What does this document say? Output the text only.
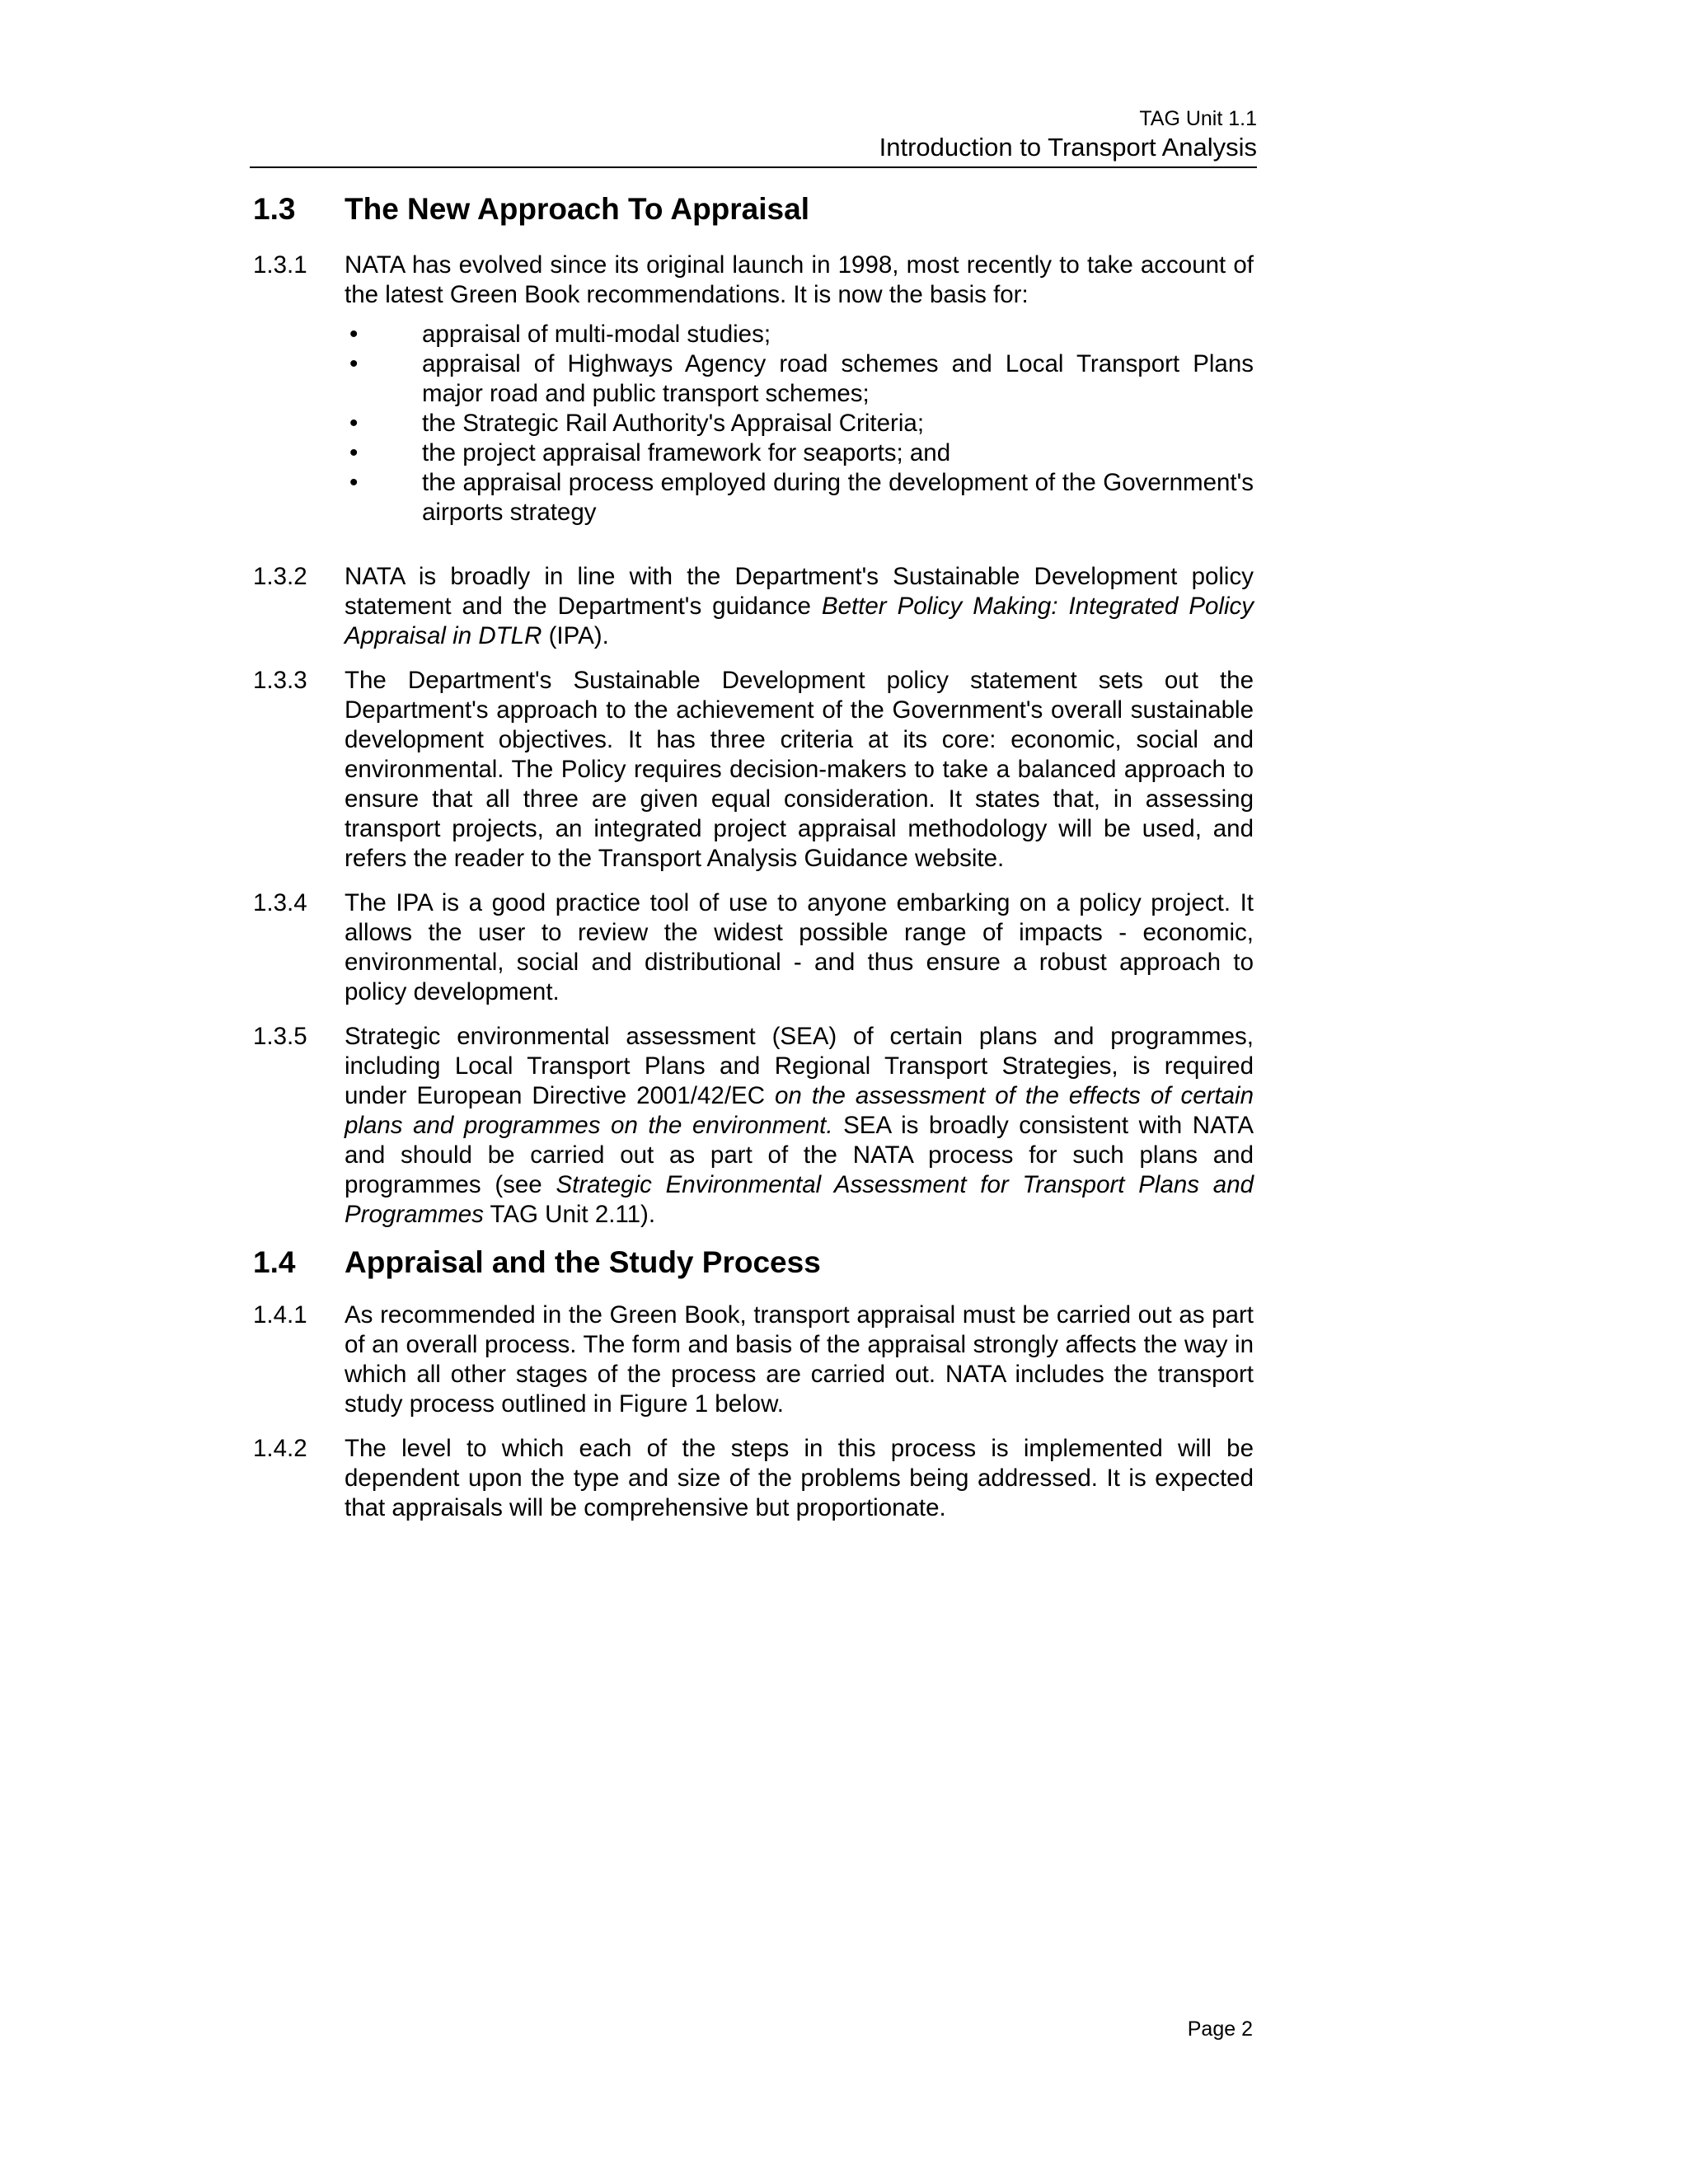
TAG Unit 1.1
Introduction to Transport Analysis
1.3	The New Approach To Appraisal
1.3.1	NATA has evolved since its original launch in 1998, most recently to take account of the latest Green Book recommendations. It is now the basis for:
•	appraisal of multi-modal studies;
•	appraisal of Highways Agency road schemes and Local Transport Plans major road and public transport schemes;
•	the Strategic Rail Authority's Appraisal Criteria;
•	the project appraisal framework for seaports; and
•	the appraisal process employed during the development of the Government's airports strategy
1.3.2	NATA is broadly in line with the Department's Sustainable Development policy statement and the Department's guidance Better Policy Making: Integrated Policy Appraisal in DTLR (IPA).
1.3.3	The Department's Sustainable Development policy statement sets out the Department's approach to the achievement of the Government's overall sustainable development objectives. It has three criteria at its core: economic, social and environmental. The Policy requires decision-makers to take a balanced approach to ensure that all three are given equal consideration. It states that, in assessing transport projects, an integrated project appraisal methodology will be used, and refers the reader to the Transport Analysis Guidance website.
1.3.4	The IPA is a good practice tool of use to anyone embarking on a policy project. It allows the user to review the widest possible range of impacts - economic, environmental, social and distributional - and thus ensure a robust approach to policy development.
1.3.5	Strategic environmental assessment (SEA) of certain plans and programmes, including Local Transport Plans and Regional Transport Strategies, is required under European Directive 2001/42/EC on the assessment of the effects of certain plans and programmes on the environment. SEA is broadly consistent with NATA and should be carried out as part of the NATA process for such plans and programmes (see Strategic Environmental Assessment for Transport Plans and Programmes TAG Unit 2.11).
1.4	Appraisal and the Study Process
1.4.1	As recommended in the Green Book, transport appraisal must be carried out as part of an overall process. The form and basis of the appraisal strongly affects the way in which all other stages of the process are carried out. NATA includes the transport study process outlined in Figure 1 below.
1.4.2	The level to which each of the steps in this process is implemented will be dependent upon the type and size of the problems being addressed. It is expected that appraisals will be comprehensive but proportionate.
Page 2
